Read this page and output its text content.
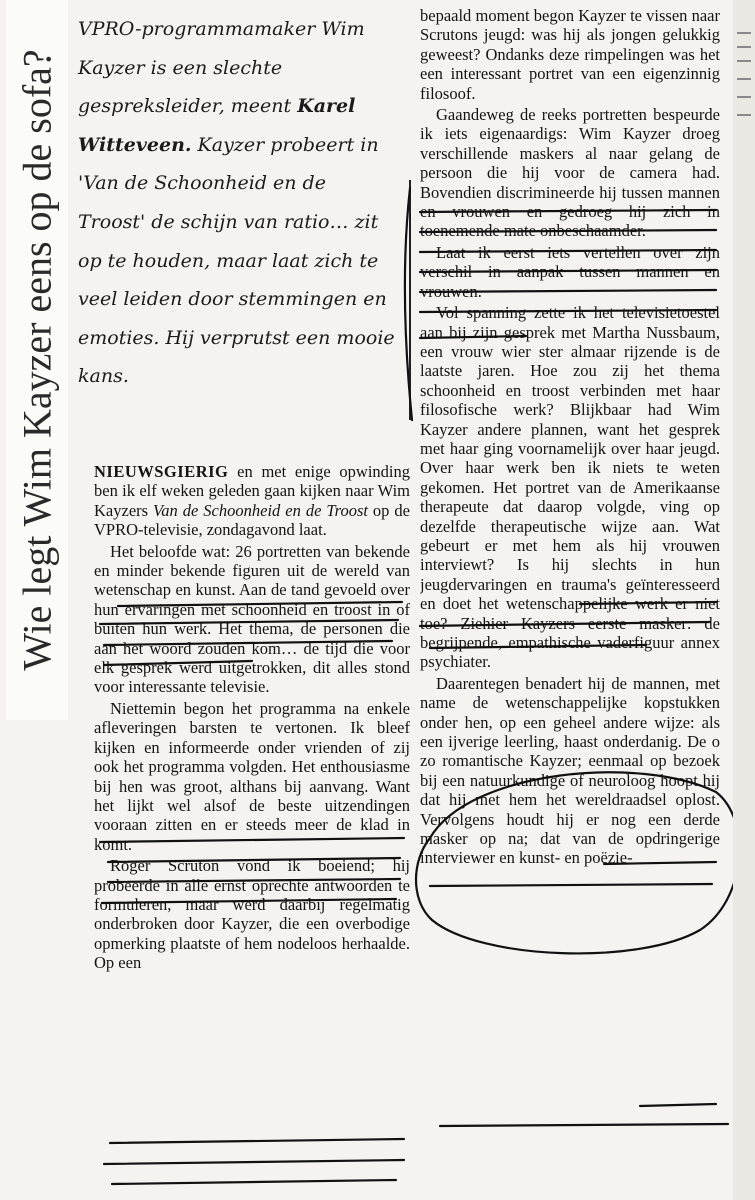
Wie legt Wim Kayzer eens op de sofa?
VPRO-programmamaker Wim Kayzer is een slechte gespreksleider, meent Karel Witteveen. Kayzer probeert in 'Van de Schoonheid en de Troost' de schijn van ratio… zit op te houden, maar laat zich te veel leiden door stemmingen en emoties. Hij verprutst een mooie kans.

NIEUWSGIERIG en met enige opwinding ben ik elf weken geleden gaan kijken naar Wim Kayzers Van de Schoonheid en de Troost op de VPRO-televisie, zondagavond laat.

Het beloofde wat: 26 portretten van bekende en minder bekende figuren uit de wereld van wetenschap en kunst. Aan de tand gevoeld over hun ervaringen met schoonheid en troost in of buiten hun werk. Het thema, de personen die aan het woord zouden kom… de tijd die voor elk gesprek werd uitgetrokken, dit alles stond voor interessante televisie.

Niettemin begon het programma na enkele afleveringen barsten te vertonen. Ik bleef kijken en informeerde onder vrienden of zij ook het programma volgden. Het enthousiasme bij hen was groot, althans bij aanvang. Want het lijkt wel alsof de beste uitzendingen vooraan zitten en er steeds meer de klad in komt.

Roger Scruton vond ik boeiend; hij probeerde in alle ernst oprechte antwoorden te formuleren, maar werd daarbij regelmatig onderbroken door Kayzer, die een overbodige opmerking plaatste of hem nodeloos herhaalde. Op een

bepaald moment begon Kayzer te vissen naar Scrutons jeugd: was hij als jongen gelukkig geweest? Ondanks deze rimpelingen was het een interessant portret van een eigenzinnig filosoof.

Gaandeweg de reeks portretten bespeurde ik iets eigenaardigs: Wim Kayzer droeg verschillende maskers al naar gelang de persoon die hij voor de camera had. Bovendien discrimineerde hij tussen mannen en vrouwen en gedroeg hij zich in toenemende mate onbeschaamder.

Laat ik eerst iets vertellen over zijn verschil in aanpak tussen mannen en vrouwen.

Vol spanning zette ik het televisietoestel aan bij zijn gesprek met Martha Nussbaum, een vrouw wier ster almaar rijzende is de laatste jaren. Hoe zou zij het thema schoonheid en troost verbinden met haar filosofische werk? Blijkbaar had Wim Kayzer andere plannen, want het gesprek met haar ging voornamelijk over haar jeugd. Over haar werk ben ik niets te weten gekomen. Het portret van de Amerikaanse therapeute dat daarop volgde, ving op dezelfde therapeutische wijze aan. Wat gebeurt er met hem als hij vrouwen interviewt? Is hij slechts in hun jeugdervaringen en trauma's geïnteresseerd en doet het wetenschappelijke werk er niet toe? Ziehier Kayzers eerste masker: de begrijpende, empathische vaderfiguur annex psychiater.

Daarentegen benadert hij de mannen, met name de wetenschappelijke kopstukken onder hen, op een geheel andere wijze: als een ijverige leerling, haast onderdanig. De o zo romantische Kayzer; eenmaal op bezoek bij een natuurkundige of neuroloog hoopt hij dat hij met hem het wereldraadsel oplost. Vervolgens houdt hij er nog een derde masker op na; dat van de opdringerige interviewer en kunst- en poëzie-
